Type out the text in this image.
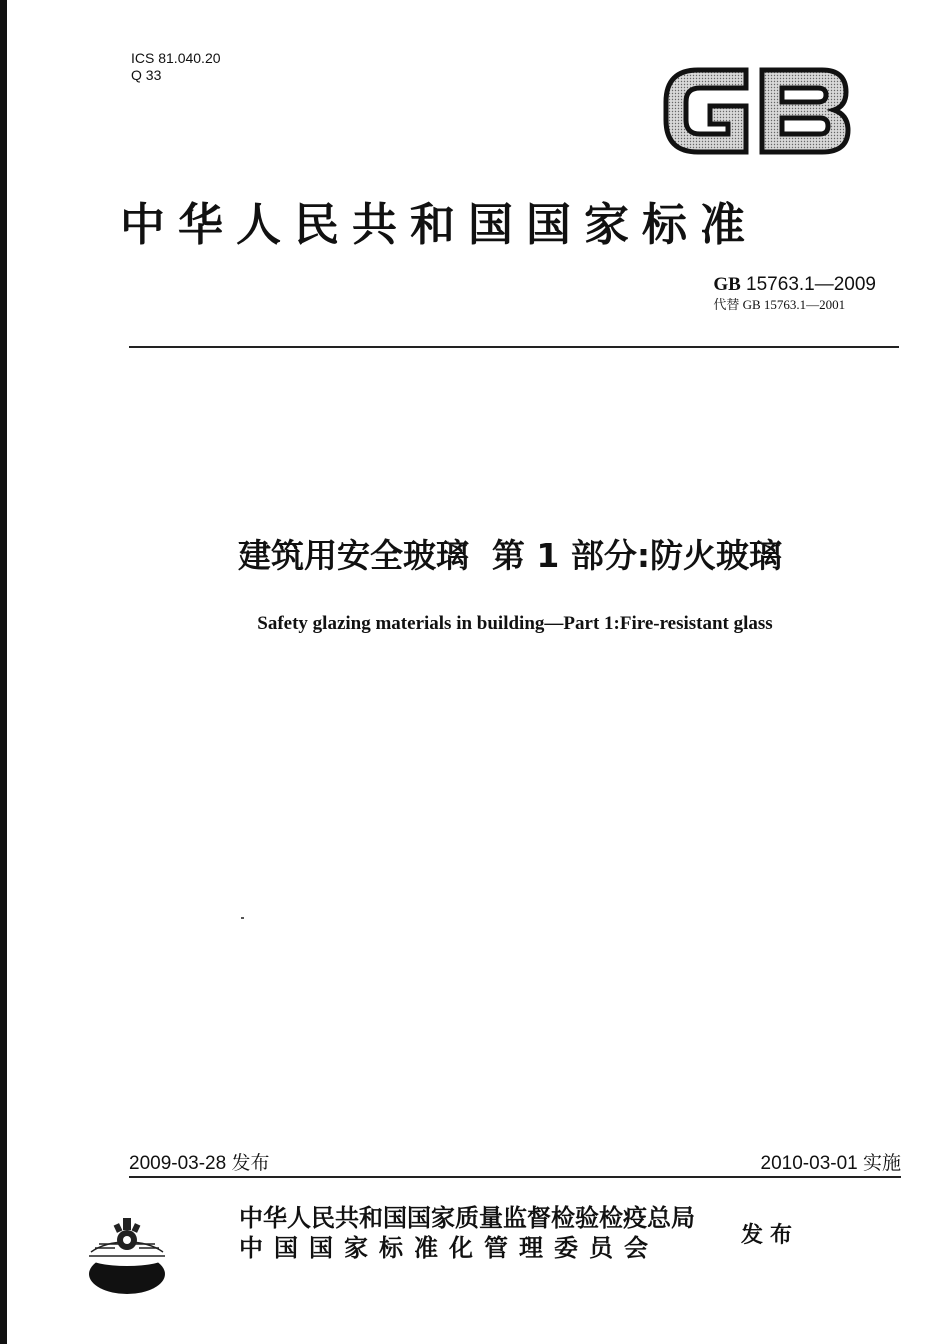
ICS 81.040.20
Q 33
GB
中华人民共和国国家标准
GB 15763.1—2009
代替 GB 15763.1—2001
建筑用安全玻璃  第 1 部分:防火玻璃
Safety glazing materials in building—Part 1:Fire-resistant glass
2009-03-28 发布	2010-03-01 实施
中华人民共和国国家质量监督检验检疫总局
中国国家标准化管理委员会	发布
